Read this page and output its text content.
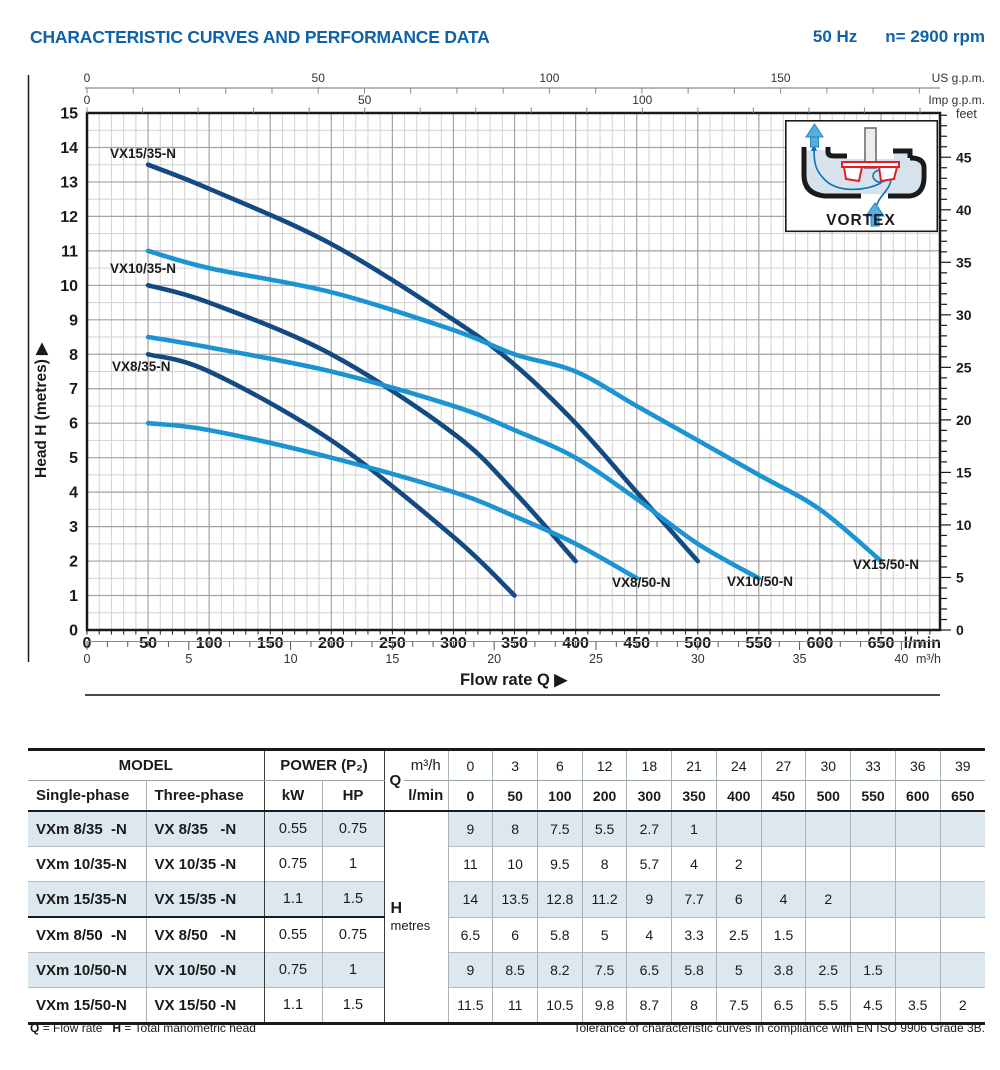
CHARACTERISTIC CURVES AND PERFORMANCE DATA	50 Hz n= 2900 rpm
0	50	100	150	US g.p.m.
0	50	100	Imp g.p.m.
0
1
2
3
4
5
6
7
8
9
10
11
12
13
14
15
Head H (metres) ▶
0
5
10
15
20
25
30
35
40
45
feet
0	50 100 150 200 250 300 350 400 450 500 550 600 650 l/min
0	5	10	15	20	25	30	35	40 m³/h
Flow rate Q ▶
VX15/35-N
VX10/35-N
VX8/35-N
VX15/50-N
VX10/50-N
VX8/50-N
VORTEX
MODEL		POWER (P₂)		Q	m³/h	0	3	6	12	18	21	24	27	30	33	36	39
Single-phase	Three-phase	kW	HP		l/min	0	50	100	200	300	350	400	450	500	550	600	650
VXm 8/35  -N	VX 8/35   -N	0.55	0.75	H metres		9	8	7.5	5.5	2.7	1						
VXm 10/35-N	VX 10/35 -N	0.75	1			11	10	9.5	8	5.7	4	2					
VXm 15/35-N	VX 15/35 -N	1.1	1.5			14	13.5	12.8	11.2	9	7.7	6	4	2			
VXm 8/50  -N	VX 8/50   -N	0.55	0.75			6.5	6	5.8	5	4	3.3	2.5	1.5				
VXm 10/50-N	VX 10/50 -N	0.75	1			9	8.5	8.2	7.5	6.5	5.8	5	3.8	2.5	1.5		
VXm 15/50-N	VX 15/50 -N	1.1	1.5			11.5	11	10.5	9.8	8.7	8	7.5	6.5	5.5	4.5	3.5	2
Q = Flow rate H = Total manometric head	Tolerance of characteristic curves in compliance with EN ISO 9906 Grade 3B.
